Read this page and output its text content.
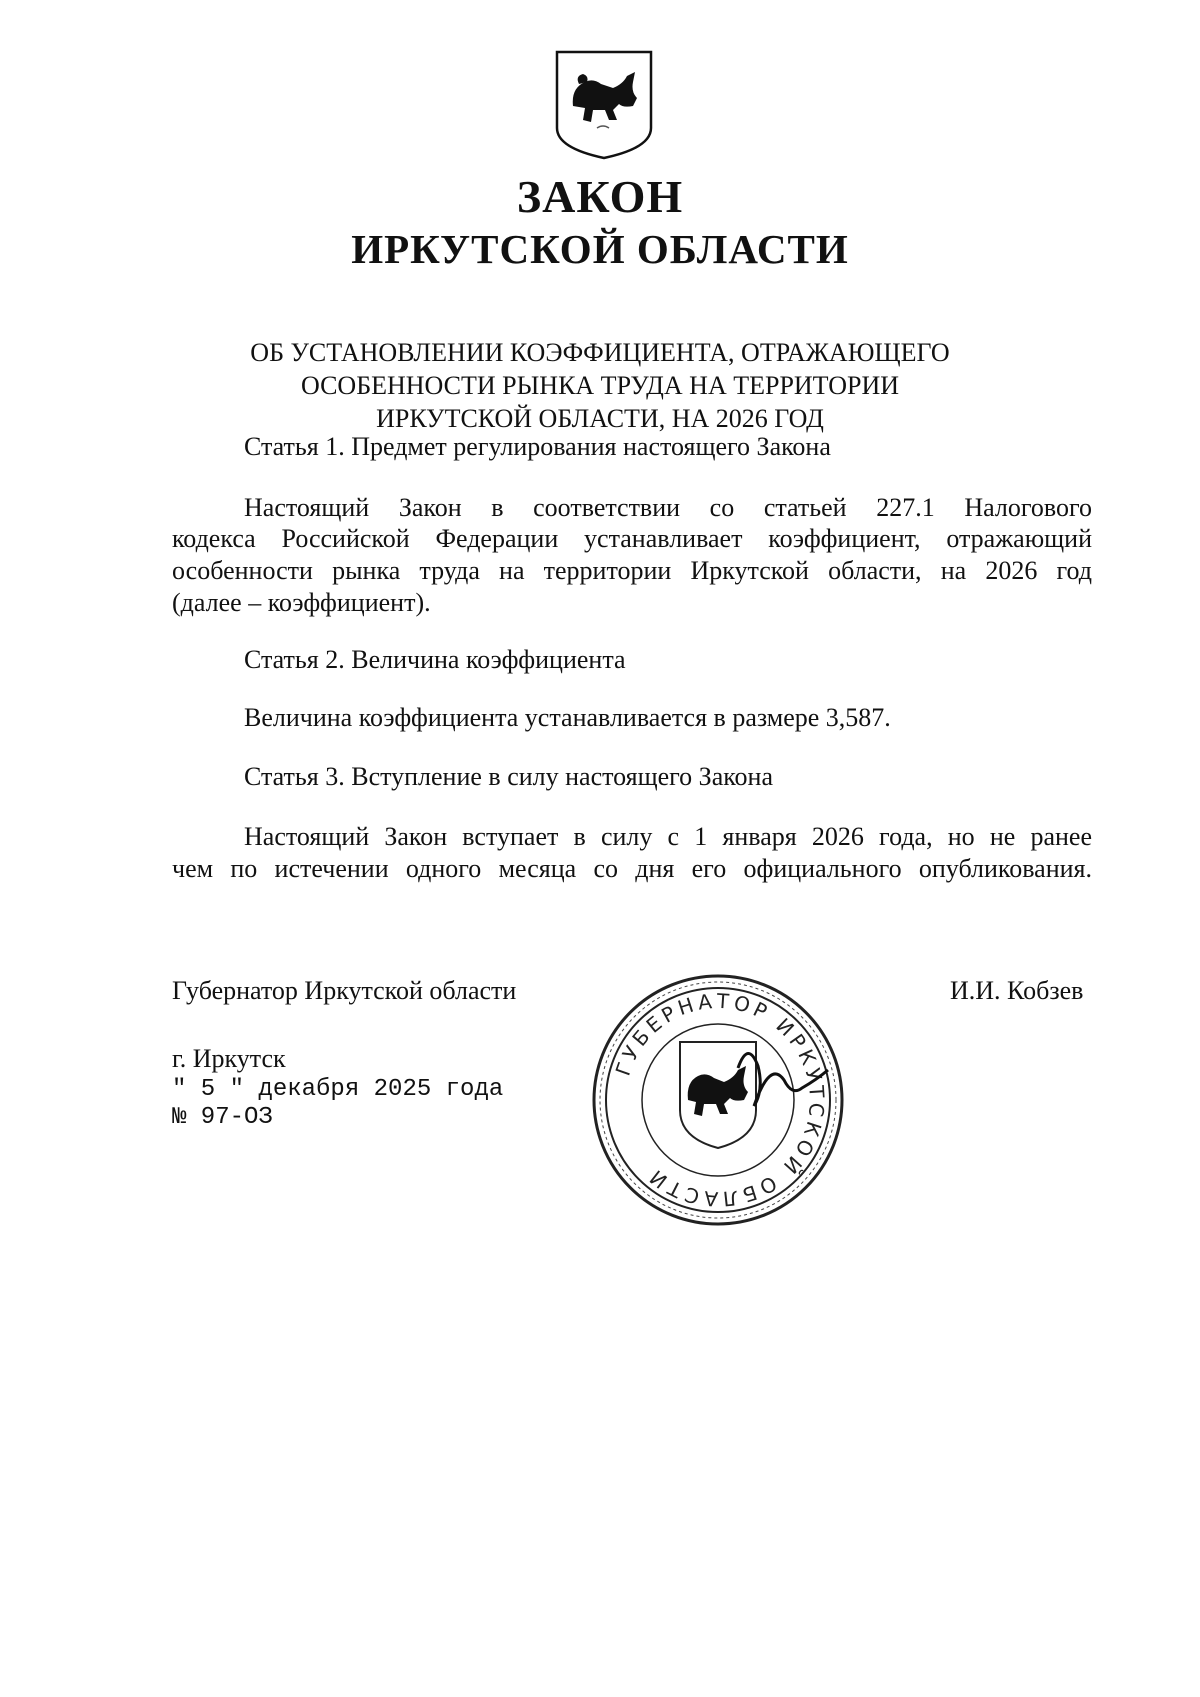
ЗАКОН
ИРКУТСКОЙ ОБЛАСТИ
ОБ УСТАНОВЛЕНИИ КОЭФФИЦИЕНТА, ОТРАЖАЮЩЕГО
ОСОБЕННОСТИ РЫНКА ТРУДА НА ТЕРРИТОРИИ
ИРКУТСКОЙ ОБЛАСТИ, НА 2026 ГОД
Статья 1. Предмет регулирования настоящего Закона
Настоящий Закон в соответствии со статьей 227.1 Налогового
кодекса Российской Федерации устанавливает коэффициент, отражающий
особенности рынка труда на территории Иркутской области, на 2026 год
(далее – коэффициент).
Статья 2. Величина коэффициента
Величина коэффициента устанавливается в размере 3,587.
Статья 3. Вступление в силу настоящего Закона
Настоящий Закон вступает в силу с 1 января 2026 года, но не ранее
чем по истечении одного месяца со дня его официального опубликования.
Губернатор Иркутской области	И.И. Кобзев
ГУБЕРНАТОР ИРКУТСКОЙ ОБЛАСТИ
г. Иркутск
" 5 " декабря 2025 года
№ 97-ОЗ
